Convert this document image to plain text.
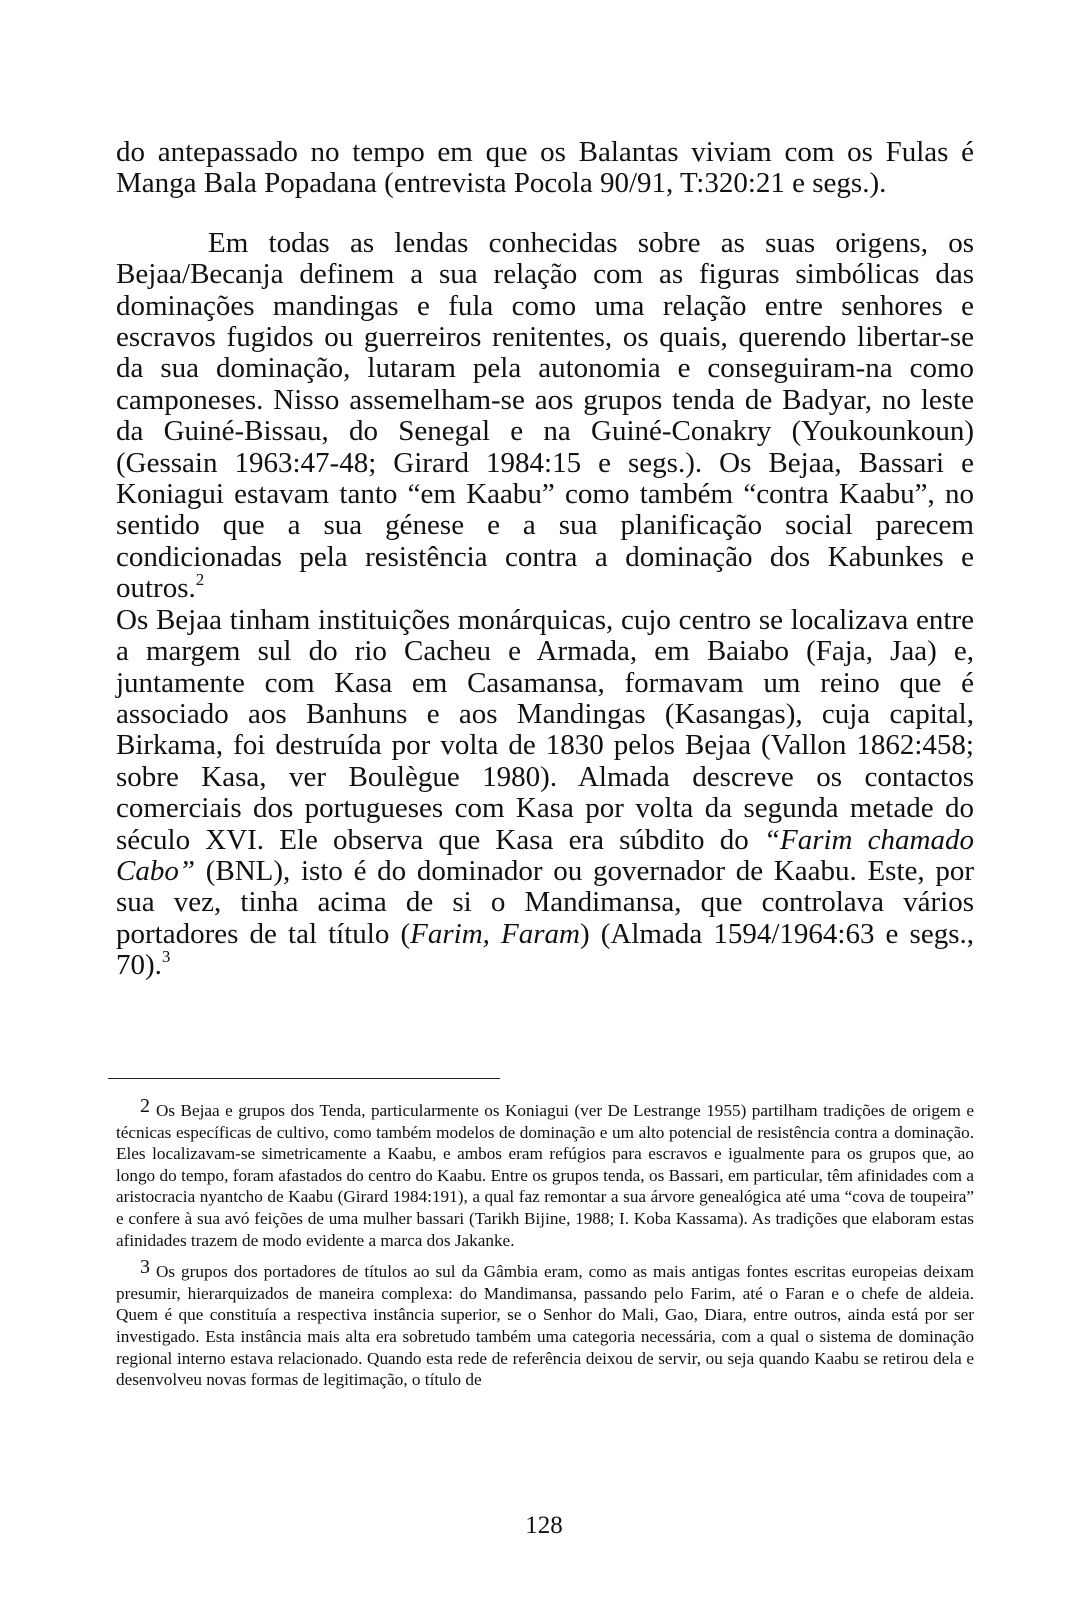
do antepassado no tempo em que os Balantas viviam com os Fulas é Manga Bala Popadana (entrevista Pocola 90/91, T:320:21 e segs.).

Em todas as lendas conhecidas sobre as suas origens, os Bejaa/Becanja definem a sua relação com as figuras simbólicas das dominações mandingas e fula como uma relação entre senhores e escravos fugidos ou guerreiros renitentes, os quais, querendo libertar-se da sua dominação, lutaram pela autonomia e conseguiram-na como camponeses. Nisso assemelham-se aos grupos tenda de Badyar, no leste da Guiné-Bissau, do Senegal e na Guiné-Conakry (Youkounkoun) (Gessain 1963:47-48; Girard 1984:15 e segs.). Os Bejaa, Bassari e Koniagui estavam tanto “em Kaabu” como também “contra Kaabu”, no sentido que a sua génese e a sua planificação social parecem condicionadas pela resistência contra a dominação dos Kabunkes e outros.$^2$

Os Bejaa tinham instituições monárquicas, cujo centro se localizava entre a margem sul do rio Cacheu e Armada, em Baiabo (Faja, Jaa) e, juntamente com Kasa em Casamansa, formavam um reino que é associado aos Banhuns e aos Mandingas (Kasangas), cuja capital, Birkama, foi destruída por volta de 1830 pelos Bejaa (Vallon 1862:458; sobre Kasa, ver Boulègue 1980). Almada descreve os contactos comerciais dos portugueses com Kasa por volta da segunda metade do século XVI. Ele observa que Kasa era súbdito do “Farim chamado Cabo” (BNL), isto é do dominador ou governador de Kaabu. Este, por sua vez, tinha acima de si o Mandimansa, que controlava vários portadores de tal título (Farim, Faram) (Almada 1594/1964:63 e segs., 70).$^3$

2 Os Bejaa e grupos dos Tenda, particularmente os Koniagui (ver De Lestrange 1955) partilham tradições de origem e técnicas específicas de cultivo, como também modelos de dominação e um alto potencial de resistência contra a dominação. Eles localizavam-se simetricamente a Kaabu, e ambos eram refúgios para escravos e igualmente para os grupos que, ao longo do tempo, foram afastados do centro do Kaabu. Entre os grupos tenda, os Bassari, em particular, têm afinidades com a aristocracia nyantcho de Kaabu (Girard 1984:191), a qual faz remontar a sua árvore genealógica até uma “cova de toupeira” e confere à sua avó feições de uma mulher bassari (Tarikh Bijine, 1988; I. Koba Kassama). As tradições que elaboram estas afinidades trazem de modo evidente a marca dos Jakanke.

3 Os grupos dos portadores de títulos ao sul da Gâmbia eram, como as mais antigas fontes escritas europeias deixam presumir, hierarquizados de maneira complexa: do Mandimansa, passando pelo Farim, até o Faran e o chefe de aldeia. Quem é que constituía a respectiva instância superior, se o Senhor do Mali, Gao, Diara, entre outros, ainda está por ser investigado. Esta instância mais alta era sobretudo também uma categoria necessária, com a qual o sistema de dominação regional interno estava relacionado. Quando esta rede de referência deixou de servir, ou seja quando Kaabu se retirou dela e desenvolveu novas formas de legitimação, o título de

128
